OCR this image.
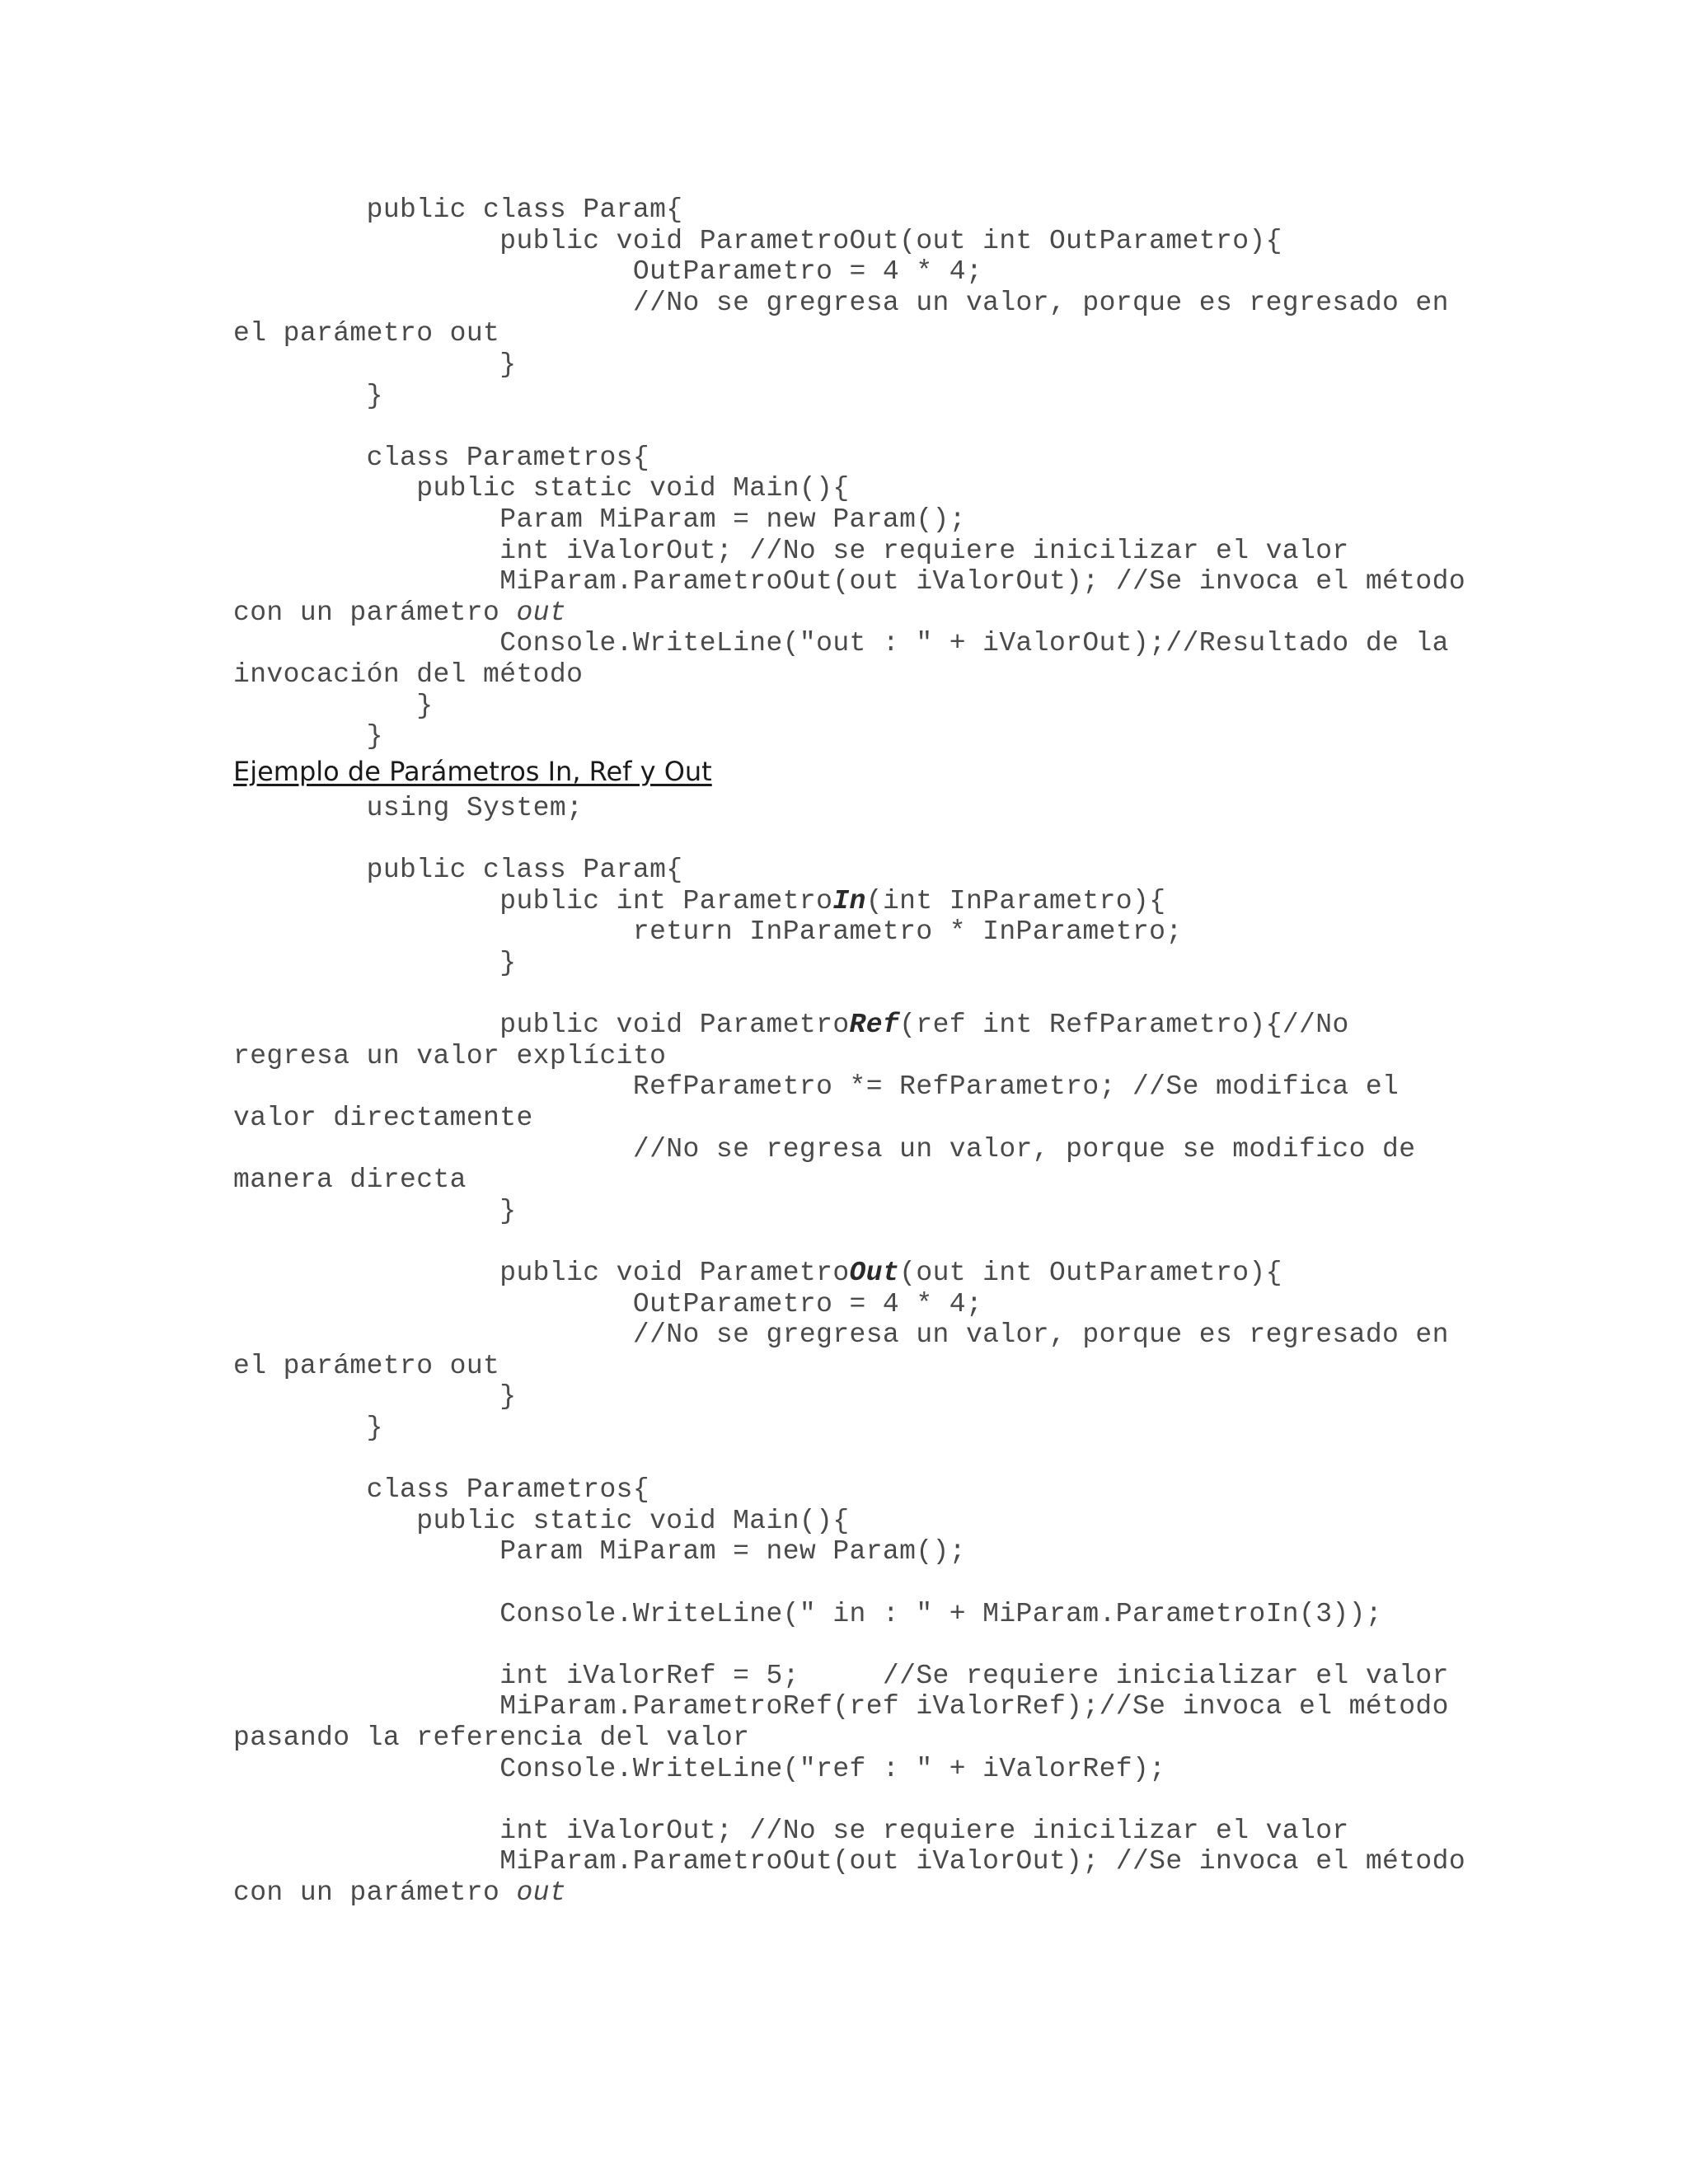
public class Param{
public void ParametroOut(out int OutParametro){
OutParametro = 4 * 4;
//No se gregresa un valor, porque es regresado en
el parámetro out
}
}
class Parametros{
public static void Main(){
Param MiParam = new Param();
int iValorOut; //No se requiere inicilizar el valor
MiParam.ParametroOut(out iValorOut); //Se invoca el método
con un parámetro out
Console.WriteLine("out : " + iValorOut);//Resultado de la
invocación del método
}
}
Ejemplo de Parámetros In, Ref y Out
using System;
public class Param{
public int ParametroIn(int InParametro){
return InParametro * InParametro;
}
public void ParametroRef(ref int RefParametro){//No
regresa un valor explícito
RefParametro *= RefParametro; //Se modifica el
valor directamente
//No se regresa un valor, porque se modifico de
manera directa
}
public void ParametroOut(out int OutParametro){
OutParametro = 4 * 4;
//No se gregresa un valor, porque es regresado en
el parámetro out
}
}
class Parametros{
public static void Main(){
Param MiParam = new Param();
Console.WriteLine(" in : " + MiParam.ParametroIn(3));
int iValorRef = 5;     //Se requiere inicializar el valor
MiParam.ParametroRef(ref iValorRef);//Se invoca el método
pasando la referencia del valor
Console.WriteLine("ref : " + iValorRef);
int iValorOut; //No se requiere inicilizar el valor
MiParam.ParametroOut(out iValorOut); //Se invoca el método
con un parámetro out
